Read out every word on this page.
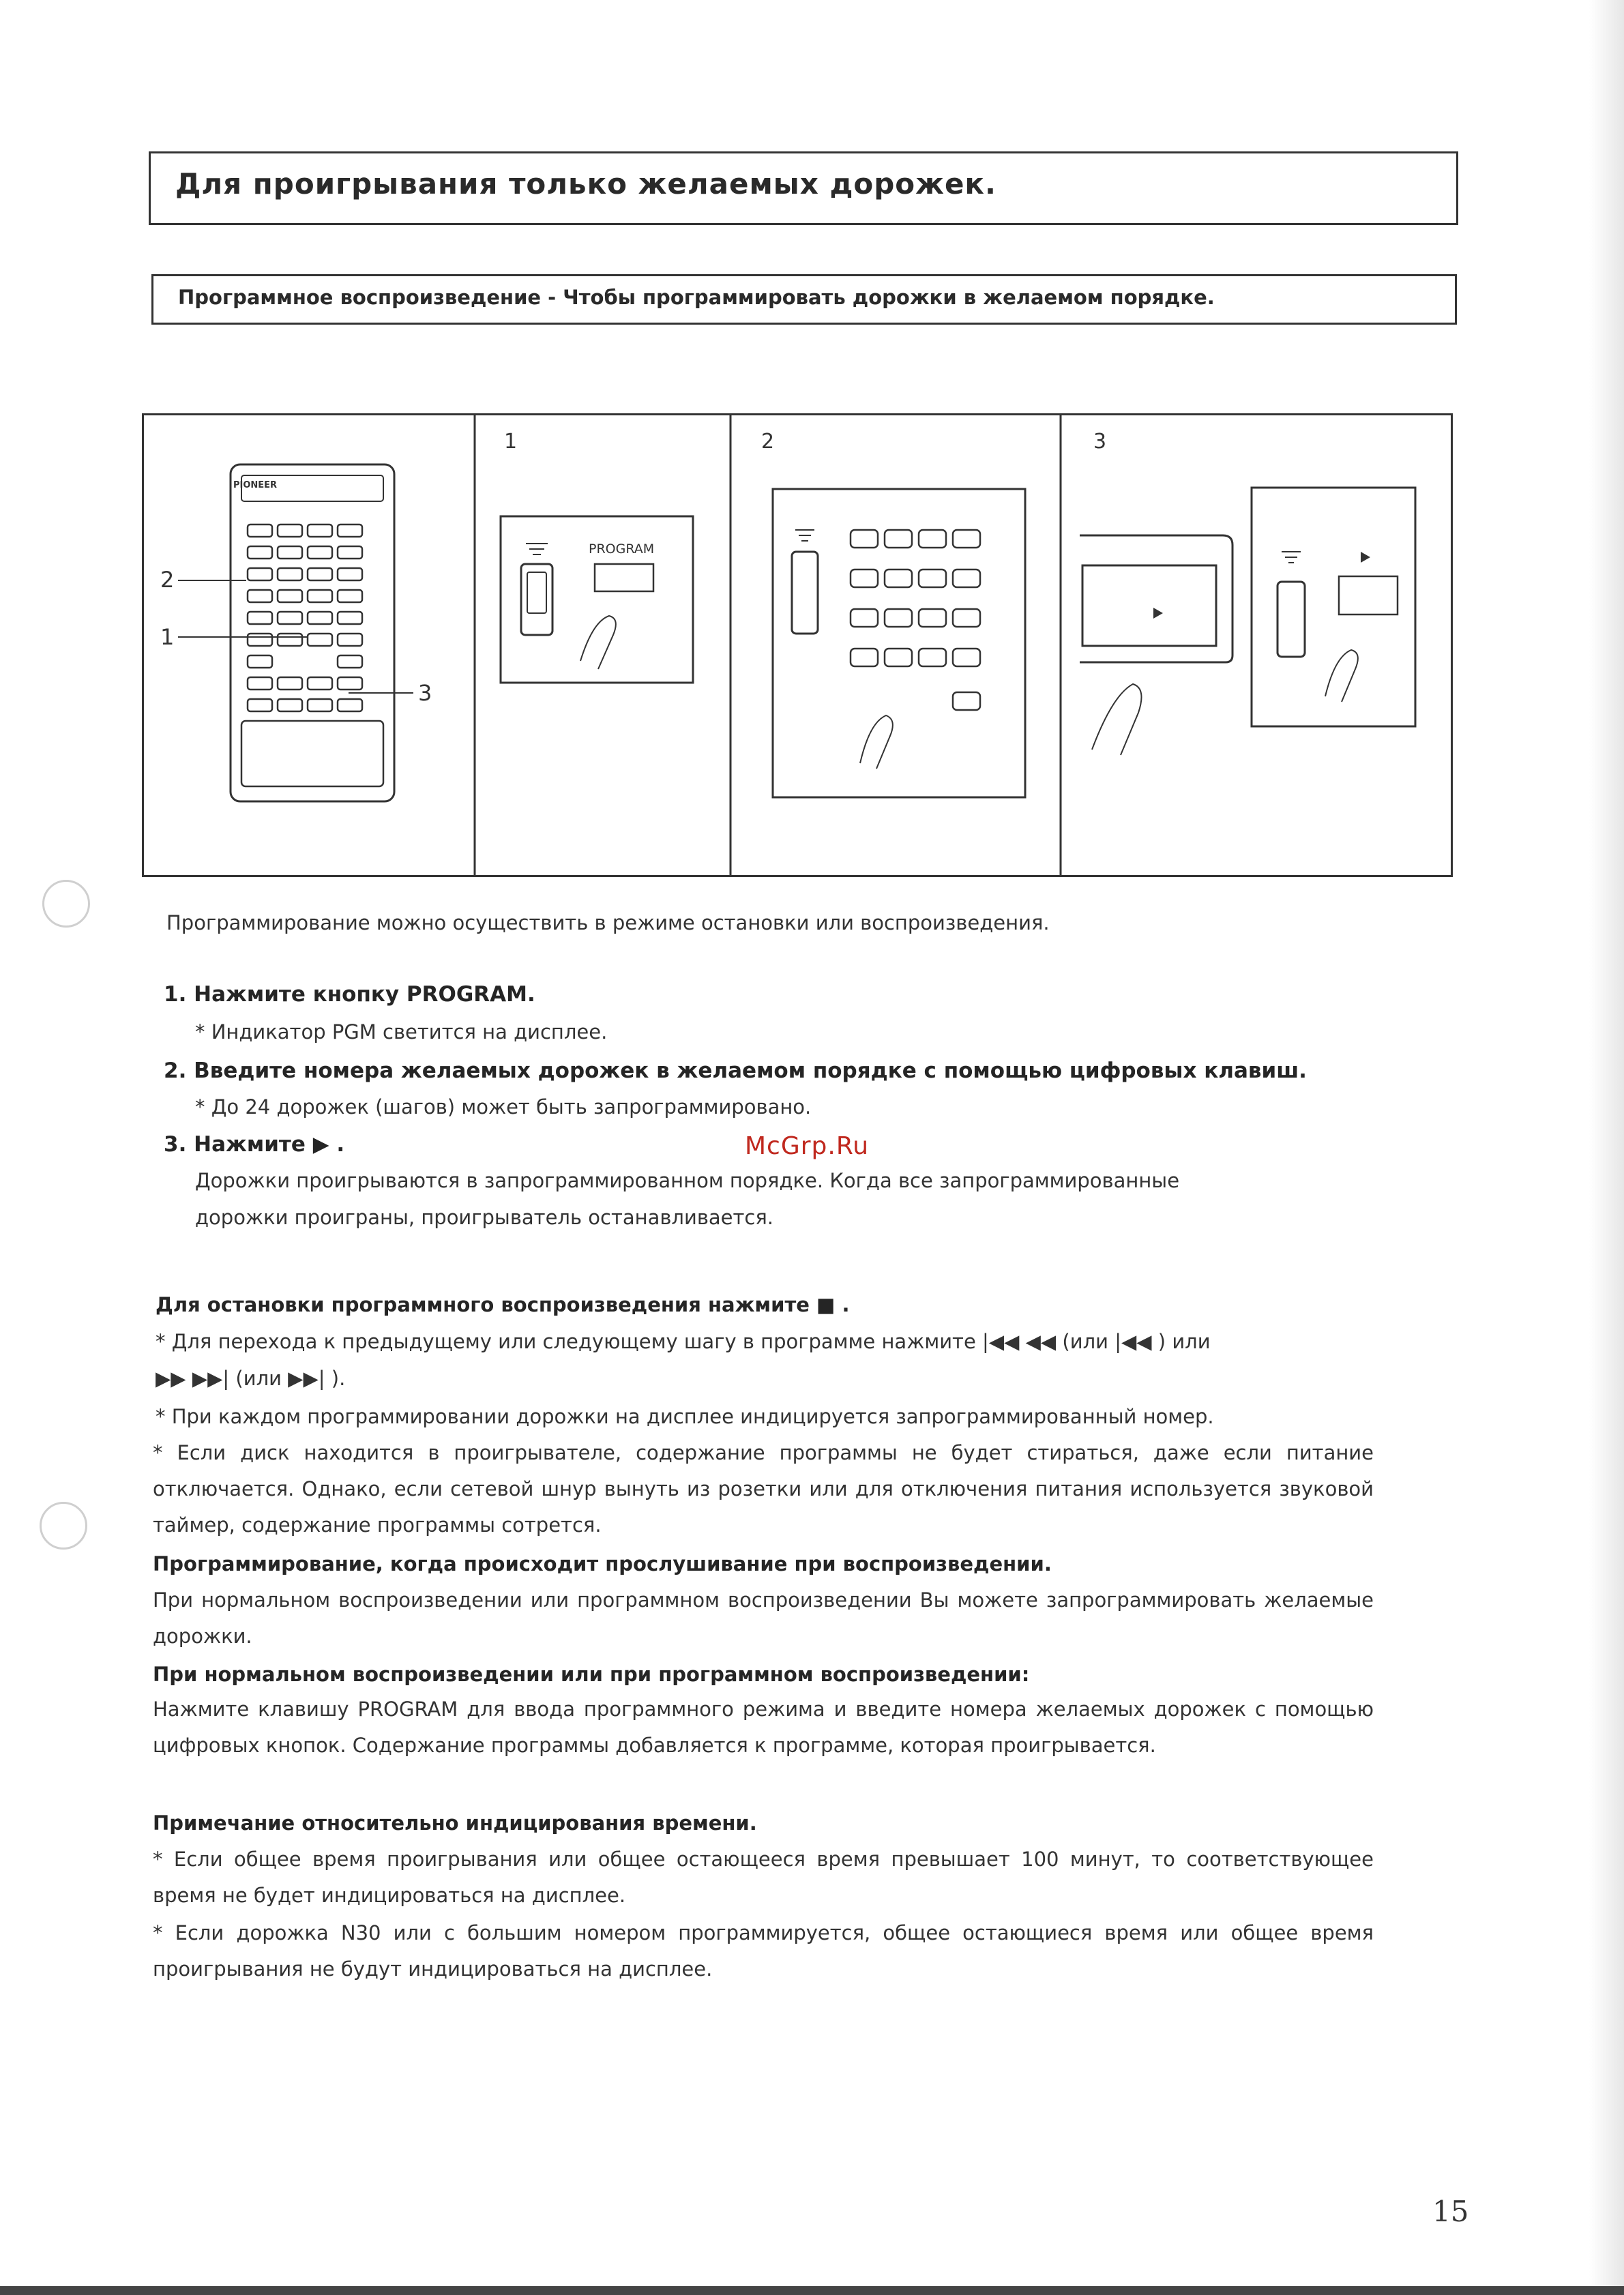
Для проигрывания только желаемых дорожек.
Программное воспроизведение - Чтобы программировать дорожки в желаемом порядке.
PIONEER
2
1
3
1
PROGRAM
2	3
McGrp.Ru
Программирование можно осуществить в режиме остановки или воспроизведения.
1. Нажмите кнопку PROGRAM.
* Индикатор PGM светится на дисплее.
2. Введите номера желаемых дорожек в желаемом порядке с помощью цифровых клавиш.
* До 24 дорожек (шагов) может быть запрограммировано.
3. Нажмите ▶ .
Дорожки проигрываются в запрограммированном порядке. Когда все запрограммированные
дорожки проиграны, проигрыватель останавливается.
Для остановки программного воспроизведения нажмите ■ .
* Для перехода к предыдущему или следующему шагу в программе нажмите |◀◀ ◀◀ (или |◀◀ ) или
▶▶ ▶▶| (или ▶▶| ).
* При каждом программировании дорожки на дисплее индицируется запрограммированный номер.
* Если диск находится в проигрывателе, содержание программы не будет стираться, даже если питание отключается. Однако, если сетевой шнур вынуть из розетки или для отключения питания используется звуковой таймер, содержание программы сотрется.
Программирование, когда происходит прослушивание при воспроизведении.
При нормальном воспроизведении или программном воспроизведении Вы можете запрограммировать желаемые дорожки.
При нормальном воспроизведении или при программном воспроизведении:
Нажмите клавишу PROGRAM для ввода программного режима и введите номера желаемых дорожек с помощью цифровых кнопок. Содержание программы добавляется к программе, которая проигрывается.
Примечание относительно индицирования времени.
* Если общее время проигрывания или общее остающееся время превышает 100 минут, то соответствующее время не будет индицироваться на дисплее.
* Если дорожка N30 или с большим номером программируется, общее остающиеся время или общее время проигрывания не будут индицироваться на дисплее.
15
